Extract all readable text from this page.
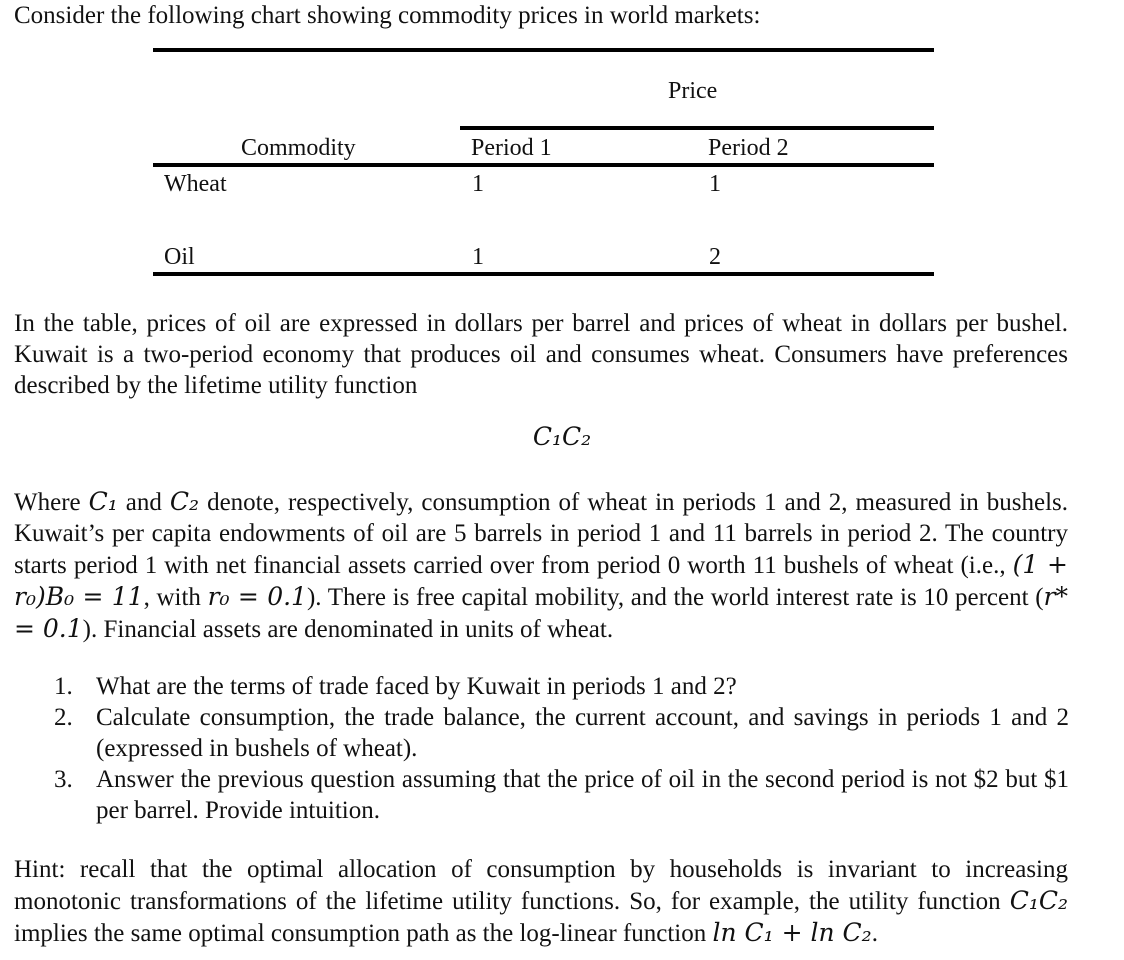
Consider the following chart showing commodity prices in world markets:
Price
Commodity	Period 1	Period 2
Wheat	1	1
Oil	1	2
In the table, prices of oil are expressed in dollars per barrel and prices of wheat in dollars per bushel. Kuwait is a two-period economy that produces oil and consumes wheat. Consumers have preferences described by the lifetime utility function
C₁C₂
Where C₁ and C₂ denote, respectively, consumption of wheat in periods 1 and 2, measured in bushels. Kuwait’s per capita endowments of oil are 5 barrels in period 1 and 11 barrels in period 2. The country starts period 1 with net financial assets carried over from period 0 worth 11 bushels of wheat (i.e., (1 + r₀)B₀ = 11, with r₀ = 0.1). There is free capital mobility, and the world interest rate is 10 percent (r* = 0.1). Financial assets are denominated in units of wheat.
1. What are the terms of trade faced by Kuwait in periods 1 and 2?
2. Calculate consumption, the trade balance, the current account, and savings in periods 1 and 2 (expressed in bushels of wheat).
3. Answer the previous question assuming that the price of oil in the second period is not $2 but $1 per barrel. Provide intuition.
Hint: recall that the optimal allocation of consumption by households is invariant to increasing monotonic transformations of the lifetime utility functions. So, for example, the utility function C₁C₂ implies the same optimal consumption path as the log-linear function ln C₁ + ln C₂.
